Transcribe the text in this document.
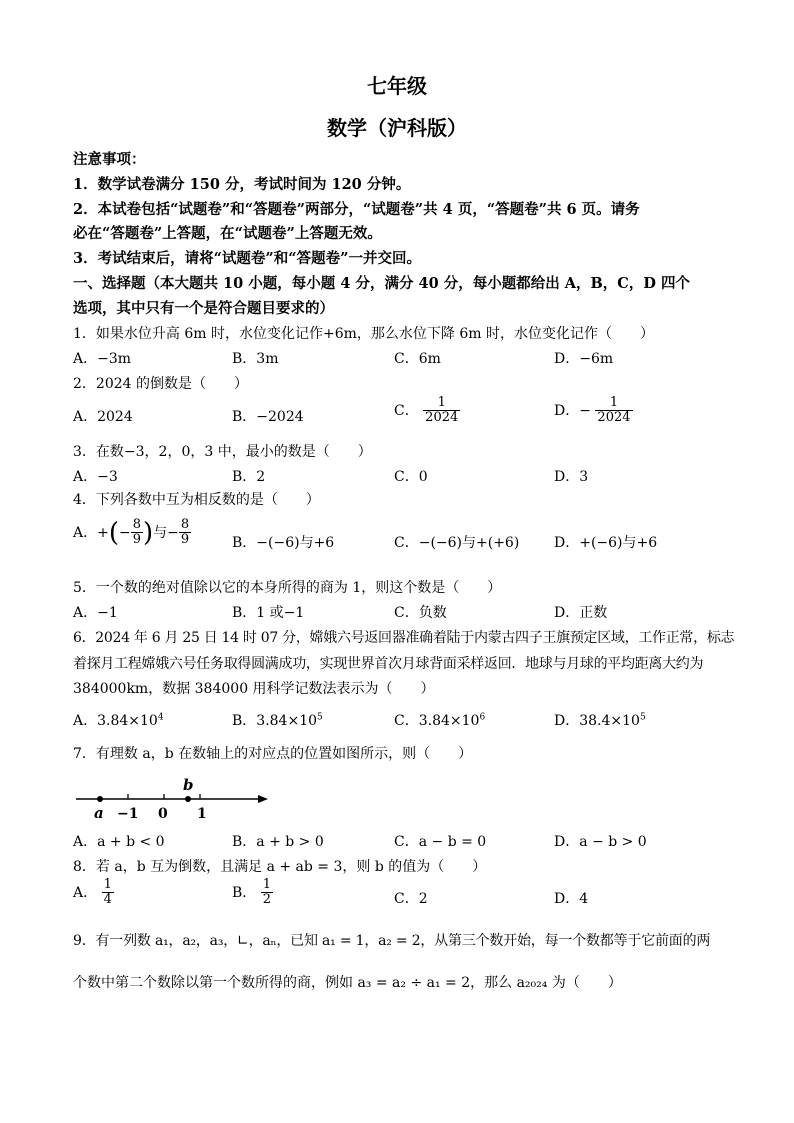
七年级
数学（沪科版）
注意事项：
1．数学试卷满分 150 分，考试时间为 120 分钟。
2．本试卷包括“试题卷”和“答题卷”两部分，“试题卷”共 4 页，“答题卷”共 6 页。请务
必在“答题卷”上答题，在“试题卷”上答题无效。
3．考试结束后，请将“试题卷”和“答题卷”一并交回。
一、选择题（本大题共 10 小题，每小题 4 分，满分 40 分，每小题都给出 A，B，C，D 四个
选项，其中只有一个是符合题目要求的）
1．如果水位升高 6m 时，水位变化记作+6m，那么水位下降 6m 时，水位变化记作（　　）
A．−3m	B．3m	C．6m	D．−6m
2．2024 的倒数是（　　）
A．2024	B．−2024	C． $\frac{1}{2024}$	D．− $\frac{1}{2024}$
3．在数−3，2，0，3 中，最小的数是（　　）
A．−3	B．2	C．0	D．3
4．下列各数中互为相反数的是（　　）
A．+(− $\frac{8}{9}$ )与− $\frac{8}{9}$	B．−(−6)与+6	C．−(−6)与+(+6) D．+(−6)与+6
5．一个数的绝对值除以它的本身所得的商为 1，则这个数是（　　）
A．−1	B．1 或−1	C．负数	D．正数
6．2024 年 6 月 25 日 14 时 07 分，嫦娥六号返回器准确着陆于内蒙古四子王旗预定区域，工作正常，标志
着探月工程嫦娥六号任务取得圆满成功，实现世界首次月球背面采样返回．地球与月球的平均距离大约为
384000km，数据 384000 用科学记数法表示为（　　）
A．$3.84\times 10^4$	B．$3.84\times 10^5$	C．$3.84\times 10^6$	D．$38.4\times 10^5$
7．有理数 a，b 在数轴上的对应点的位置如图所示，则（　　）
b
a −1 0 1
A．a + b < 0	B．a + b > 0	C．a − b = 0	D．a − b > 0
8．若 a，b 互为倒数，且满足 a + ab = 3，则 b 的值为（　　）
A． $\frac{1}{4}$	B． $\frac{1}{2}$	C．2	D．4
9．有一列数 a₁，a₂，a₃，∟，aₙ，已知 a₁ = 1，a₂ = 2，从第三个数开始，每一个数都等于它前面的两
个数中第二个数除以第一个数所得的商，例如 a₃ = a₂ ÷ a₁ = 2，那么 a₂₀₂₄ 为（　　）
